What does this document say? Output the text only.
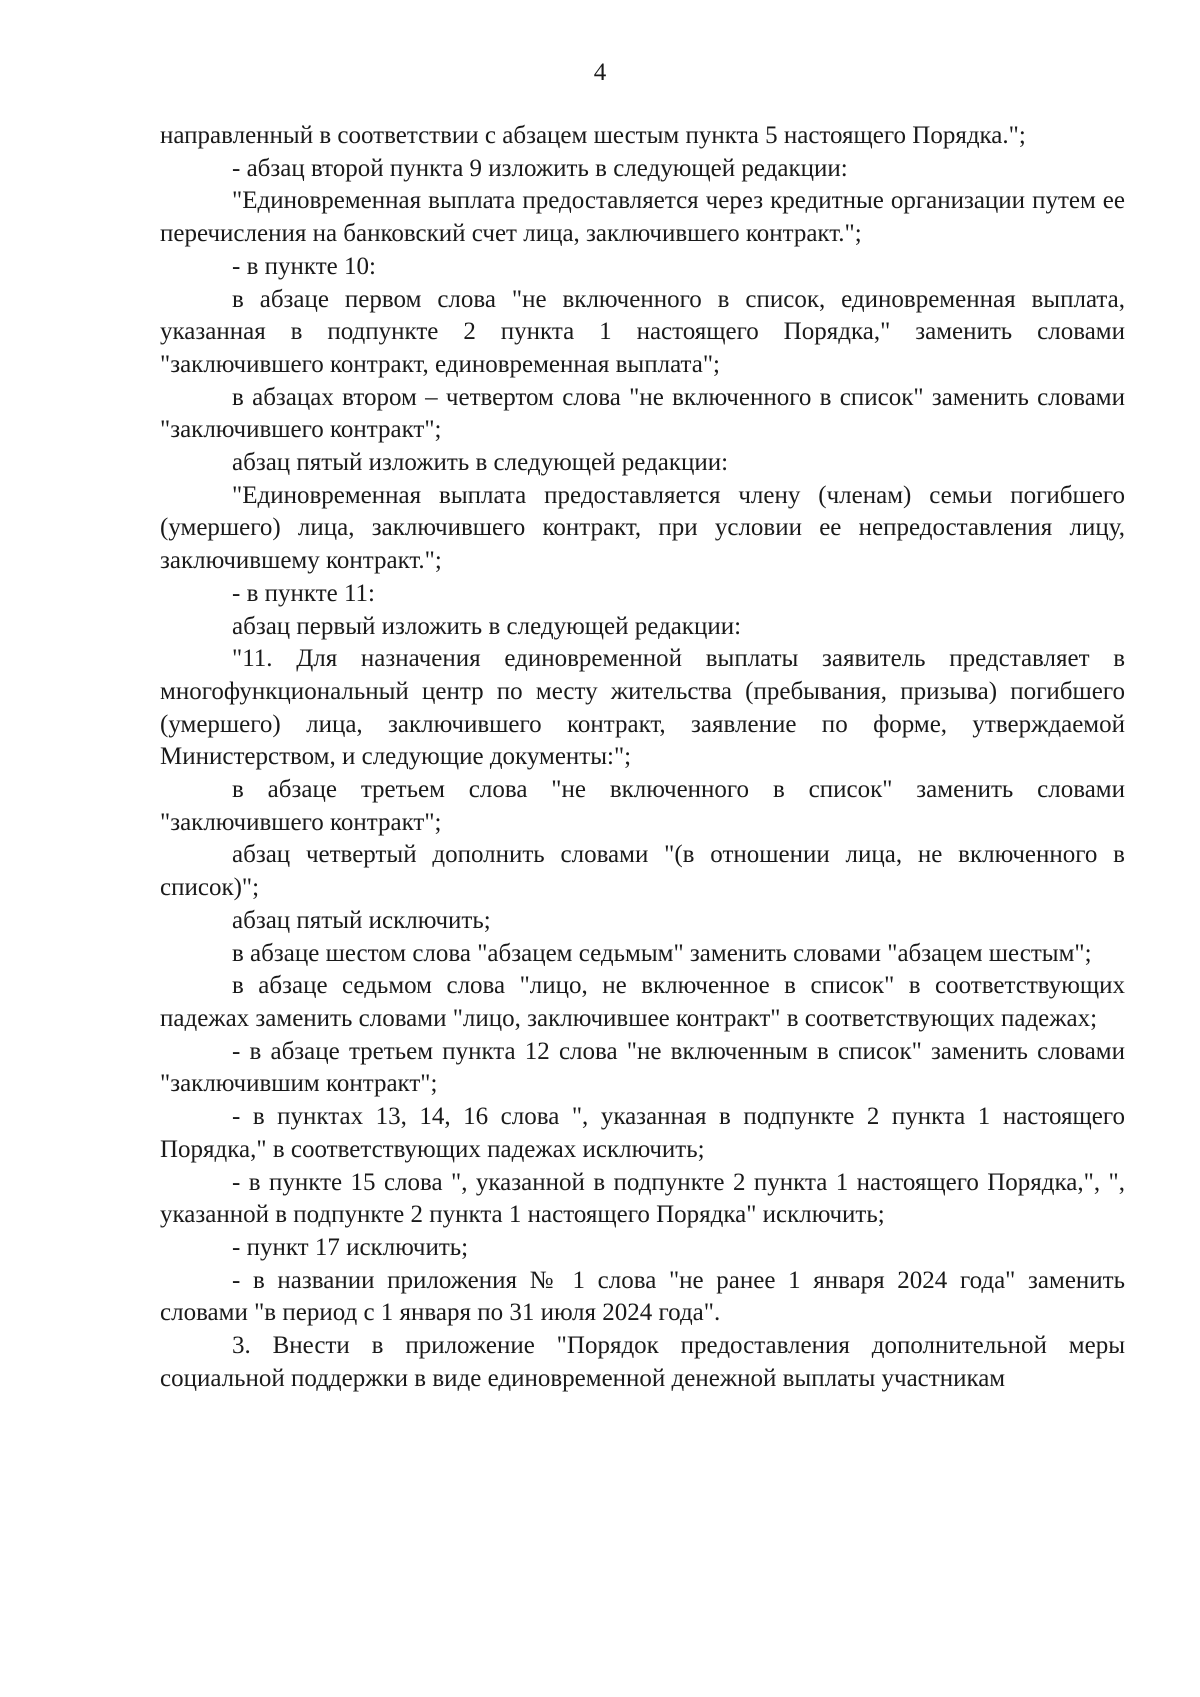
4

направленный в соответствии с абзацем шестым пункта 5 настоящего Порядка.";

- абзац второй пункта 9 изложить в следующей редакции:

"Единовременная выплата предоставляется через кредитные организации путем ее перечисления на банковский счет лица, заключившего контракт.";

- в пункте 10:

в абзаце первом слова "не включенного в список, единовременная выплата, указанная в подпункте 2 пункта 1 настоящего Порядка," заменить словами "заключившего контракт, единовременная выплата";

в абзацах втором – четвертом слова "не включенного в список" заменить словами "заключившего контракт";

абзац пятый изложить в следующей редакции:

"Единовременная выплата предоставляется члену (членам) семьи погибшего (умершего) лица, заключившего контракт, при условии ее непредоставления лицу, заключившему контракт.";

- в пункте 11:

абзац первый изложить в следующей редакции:

"11. Для назначения единовременной выплаты заявитель представляет в многофункциональный центр по месту жительства (пребывания, призыва) погибшего (умершего) лица, заключившего контракт, заявление по форме, утверждаемой Министерством, и следующие документы:";

в абзаце третьем слова "не включенного в список" заменить словами "заключившего контракт";

абзац четвертый дополнить словами "(в отношении лица, не включенного в список)";

абзац пятый исключить;

в абзаце шестом слова "абзацем седьмым" заменить словами "абзацем шестым";

в абзаце седьмом слова "лицо, не включенное в список" в соответствующих падежах заменить словами "лицо, заключившее контракт" в соответствующих падежах;

- в абзаце третьем пункта 12 слова "не включенным в список" заменить словами "заключившим контракт";

- в пунктах 13, 14, 16 слова ", указанная в подпункте 2 пункта 1 настоящего Порядка," в соответствующих падежах исключить;

- в пункте 15 слова ", указанной в подпункте 2 пункта 1 настоящего Порядка,", ", указанной в подпункте 2 пункта 1 настоящего Порядка" исключить;

- пункт 17 исключить;

- в названии приложения № 1 слова "не ранее 1 января 2024 года" заменить словами "в период с 1 января по 31 июля 2024 года".

3. Внести в приложение "Порядок предоставления дополнительной меры социальной поддержки в виде единовременной денежной выплаты участникам
